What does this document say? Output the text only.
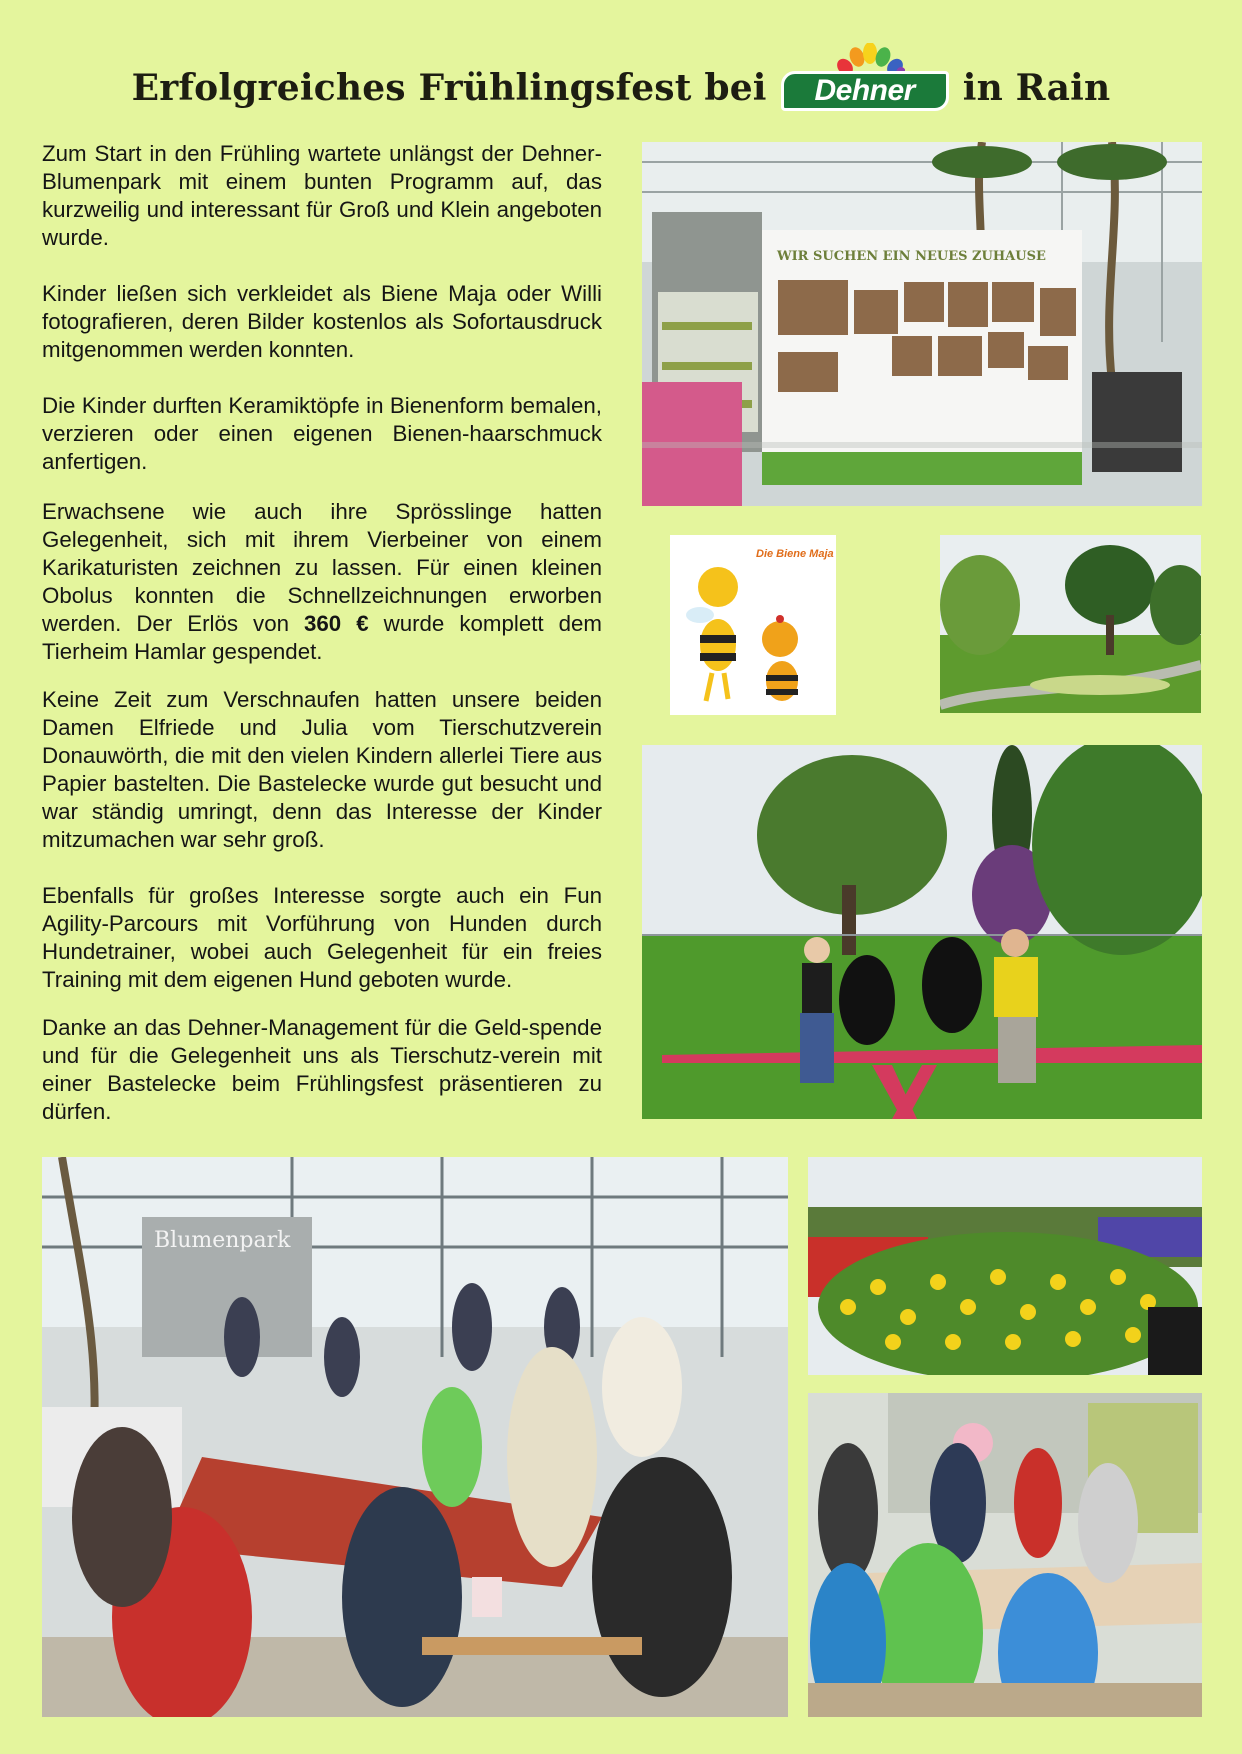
Erfolgreiches Frühlingsfest bei	Dehner	in Rain

Zum Start in den Frühling wartete unlängst der Dehner-Blumenpark mit einem bunten Programm auf, das kurzweilig und interessant für Groß und Klein angeboten wurde.

Kinder ließen sich verkleidet als Biene Maja oder Willi fotografieren, deren Bilder kostenlos als Sofortausdruck mitgenommen werden konnten.

Die Kinder durften Keramiktöpfe in Bienenform bemalen, verzieren oder einen eigenen Bienen-haarschmuck anfertigen.

Erwachsene wie auch ihre Sprösslinge hatten Gelegenheit, sich mit ihrem Vierbeiner von einem Karikaturisten zeichnen zu lassen. Für einen kleinen Obolus konnten die Schnellzeichnungen erworben werden. Der Erlös von 360 € wurde komplett dem Tierheim Hamlar gespendet.

Keine Zeit zum Verschnaufen hatten unsere beiden Damen Elfriede und Julia vom Tierschutzverein Donauwörth, die mit den vielen Kindern allerlei Tiere aus Papier bastelten. Die Bastelecke wurde gut besucht und war ständig umringt, denn das Interesse der Kinder mitzumachen war sehr groß.

Ebenfalls für großes Interesse sorgte auch ein Fun Agility-Parcours mit Vorführung von Hunden durch Hundetrainer, wobei auch Gelegenheit für ein freies Training mit dem eigenen Hund geboten wurde.

Danke an das Dehner-Management für die Geld-spende und für die Gelegenheit uns als Tierschutz-verein mit einer Bastelecke beim Frühlingsfest präsentieren zu dürfen.

WIR SUCHEN EIN NEUES ZUHAUSE
Die Biene Maja
Blumenpark
